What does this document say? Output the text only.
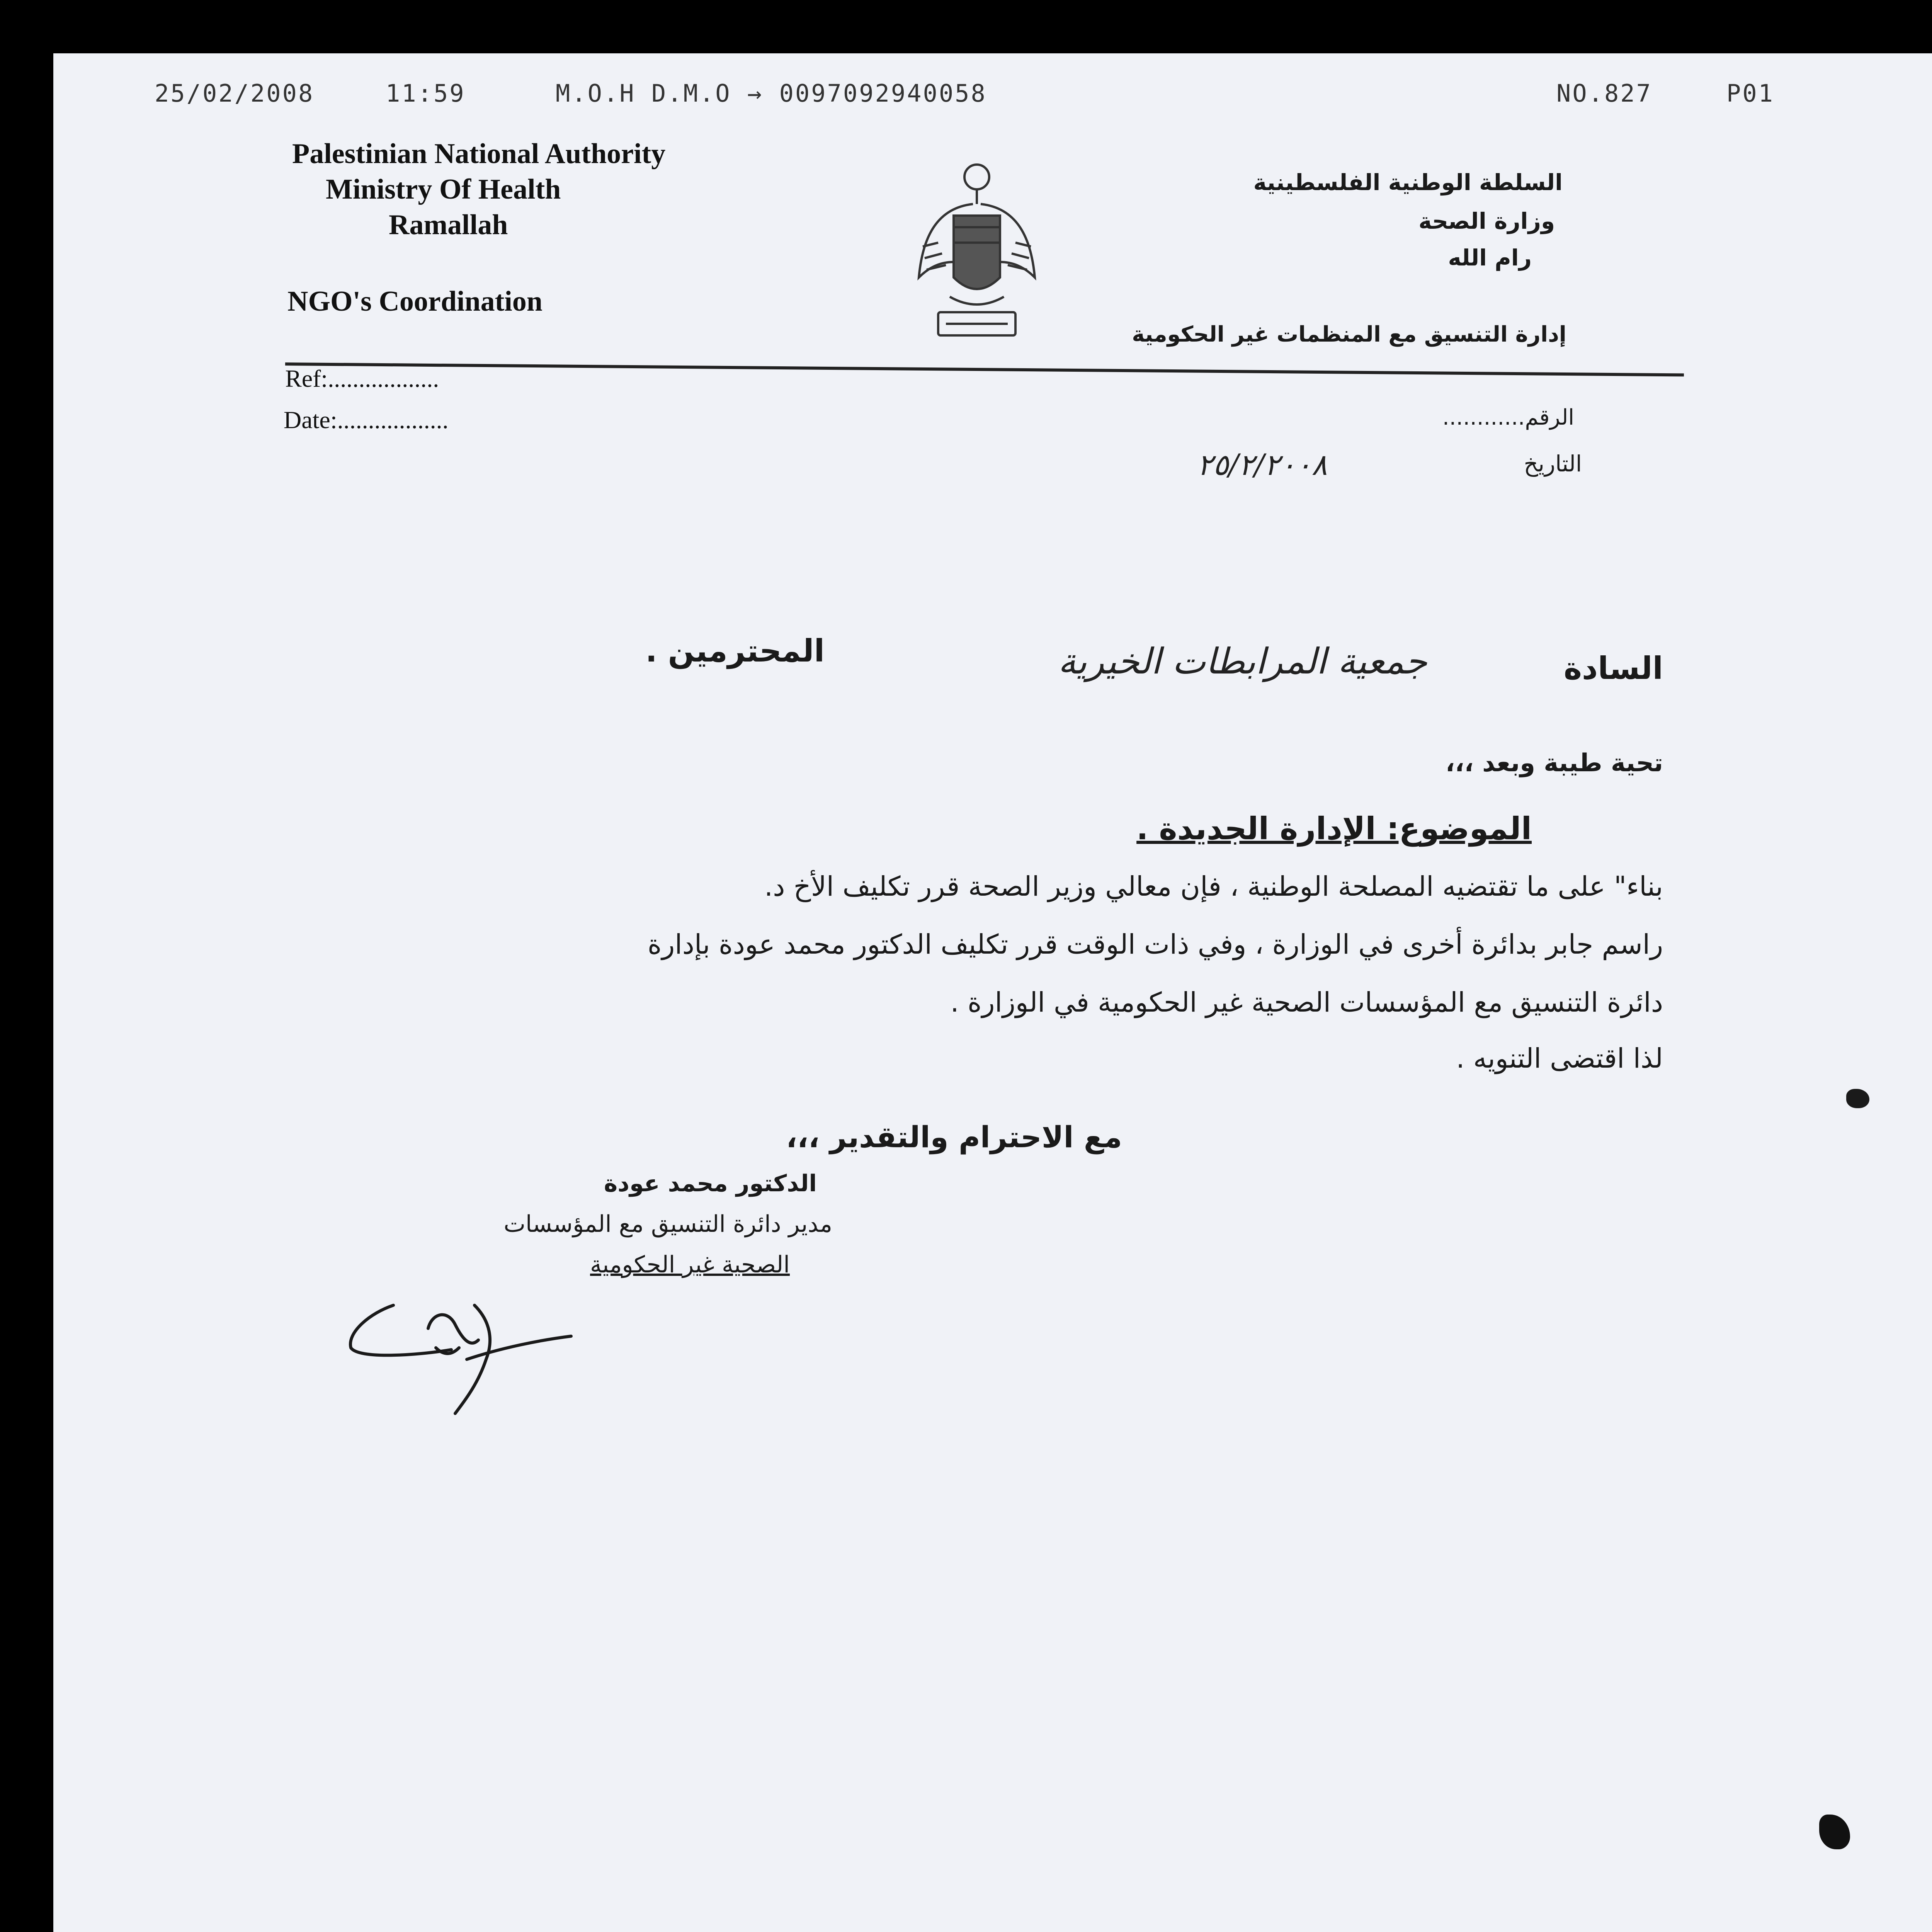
25/02/2008	11:59	M.O.H D.M.O → 0097092940058	NO.827	P01
Palestinian National Authority
Ministry Of Health
Ramallah
NGO's Coordination
السلطة الوطنية الفلسطينية
وزارة الصحة
رام الله
إدارة التنسيق مع المنظمات غير الحكومية
Ref:..................
Date:..................	الرقم............
التاريخ
٢٥/٢/٢٠٠٨
السادة
جمعية المرابطات الخيرية
المحترمين .
تحية طيبة وبعد ،،،
الموضوع: الإدارة الجديدة .
بناء" على ما تقتضيه المصلحة الوطنية ، فإن معالي وزير الصحة قرر تكليف الأخ د.
راسم جابر بدائرة أخرى في الوزارة ، وفي ذات الوقت قرر تكليف الدكتور محمد عودة بإدارة
دائرة التنسيق مع المؤسسات الصحية غير الحكومية في الوزارة .
لذا اقتضى التنويه .
مع الاحترام والتقدير ،،،
الدكتور محمد عودة
مدير دائرة التنسيق مع المؤسسات
الصحية غير الحكومية
